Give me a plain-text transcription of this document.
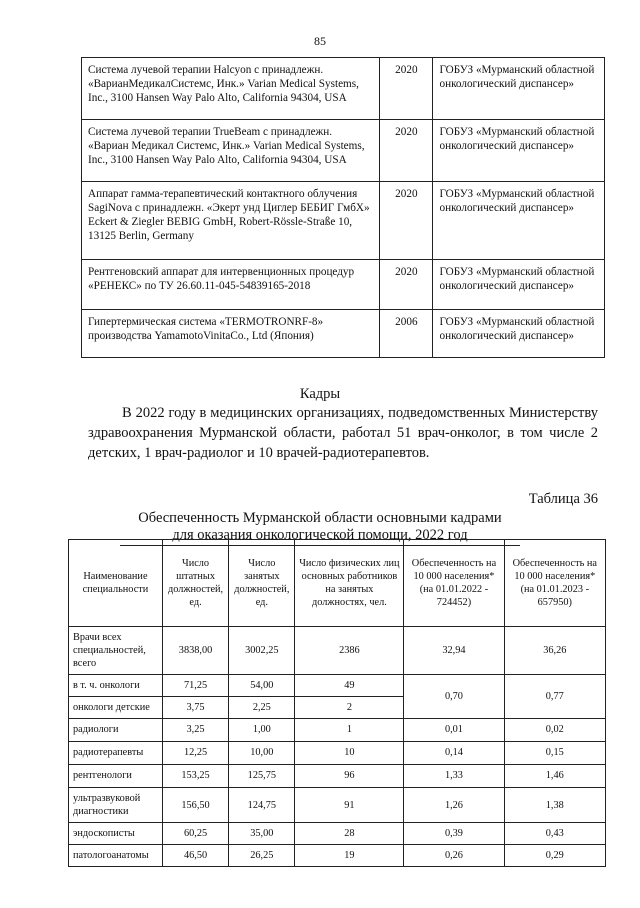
85
Система лучевой терапии Halcyon с принадлежн. «ВарианМедикалСистемс, Инк.» Varian Medical Systems, Inc., 3100 Hansen Way Palo Alto, California 94304, USA	2020	ГОБУЗ «Мурманский областной онкологический диспансер»
Система лучевой терапии TrueBeam с принадлежн. «Вариан Медикал Системс, Инк.» Varian Medical Systems, Inc., 3100 Hansen Way Palo Alto, California 94304, USA	2020	ГОБУЗ «Мурманский областной онкологический диспансер»
Аппарат гамма-терапевтический контактного облучения SagiNova с принадлежн. «Экерт унд Циглер БЕБИГ ГмбХ» Eckert & Ziegler BEBIG GmbH, Robert-Rössle-Straße 10, 13125 Berlin, Germany	2020	ГОБУЗ «Мурманский областной онкологический диспансер»
Рентгеновский аппарат для интервенционных процедур «РЕНЕКС» по ТУ 26.60.11-045-54839165-2018	2020	ГОБУЗ «Мурманский областной онкологический диспансер»
Гипертермическая система «TERMOTRONRF-8» производства YamamotoVinitaCo., Ltd (Япония)	2006	ГОБУЗ «Мурманский областной онкологический диспансер»
Кадры

В 2022 году в медицинских организациях, подведомственных Министерству здравоохранения Мурманской области, работал 51 врач-онколог, в том числе 2 детских, 1 врач-радиолог и 10 врачей-радиотерапевтов.

Таблица 36
Обеспеченность Мурманской области основными кадрами
для оказания онкологической помощи, 2022 год
Наименование специальности	Число штатных должностей, ед.	Число занятых должностей, ед.	Число физических лиц основных работников на занятых должностях, чел.	Обеспеченность на 10 000 населения* (на 01.01.2022 - 724452)	Обеспеченность на 10 000 населения* (на 01.01.2023 - 657950)
Врачи всех специальностей, всего	3838,00	3002,25	2386	32,94	36,26
в т. ч. онкологи	71,25	54,00	49	0,70	0,77
онкологи детские	3,75	2,25	2		
радиологи	3,25	1,00	1	0,01	0,02
радиотерапевты	12,25	10,00	10	0,14	0,15
рентгенологи	153,25	125,75	96	1,33	1,46
ультразвуковой диагностики	156,50	124,75	91	1,26	1,38
эндоскописты	60,25	35,00	28	0,39	0,43
патологоанатомы	46,50	26,25	19	0,26	0,29
